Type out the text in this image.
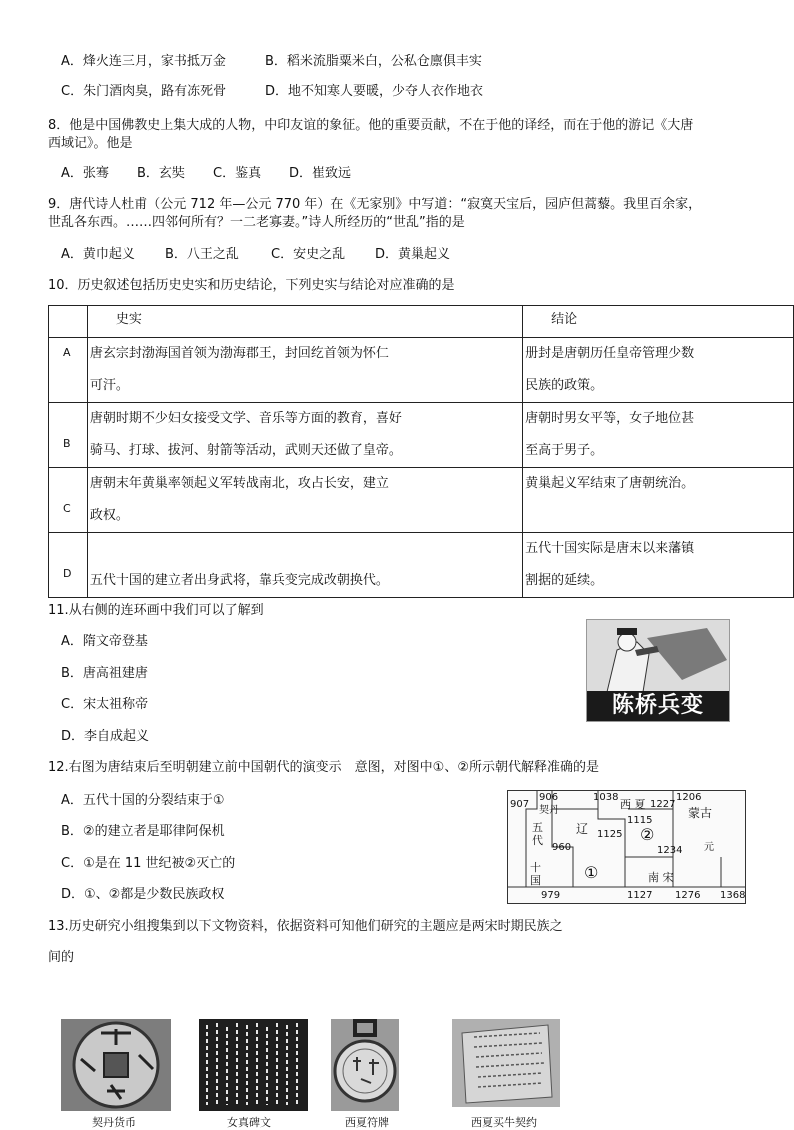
A．烽火连三月，家书抵万金	B．稻米流脂粟米白，公私仓廪俱丰实
C．朱门酒肉臭，路有冻死骨	D．地不知寒人要暖，少夺人衣作地衣
8．他是中国佛教史上集大成的人物，中印友谊的象征。他的重要贡献，不在于他的译经，而在于他的游记《大唐
西域记》。他是
A．张骞 B．玄奘 C．鉴真 D．崔致远
9．唐代诗人杜甫（公元 712 年—公元 770 年）在《无家别》中写道：“寂寞天宝后，园庐但蒿藜。我里百余家，
世乱各东西。……四邻何所有？一二老寡妻。”诗人所经历的“世乱”指的是
A．黄巾起义 B．八王之乱 C．安史之乱 D．黄巢起义
10．历史叙述包括历史史实和历史结论，下列史实与结论对应准确的是
	史实	结论
A	唐玄宗封渤海国首领为渤海郡王，封回纥首领为怀仁
可汗。	册封是唐朝历任皇帝管理少数
民族的政策。

B	唐朝时期不少妇女接受文学、音乐等方面的教育，喜好
骑马、打球、拔河、射箭等活动，武则天还做了皇帝。	唐朝时男女平等，女子地位甚
至高于男子。

C	唐朝末年黄巢率领起义军转战南北，攻占长安，建立
政权。	黄巢起义军结束了唐朝统治。

D	五代十国的建立者出身武将，靠兵变完成改朝换代。	五代十国实际是唐末以来藩镇
割据的延续。
11.从右侧的连环画中我们可以了解到
A．隋文帝登基
B．唐高祖建唐
C．宋太祖称帝
D．李自成起义
陈桥兵变
12.右图为唐结束后至明朝建立前中国朝代的演变示　意图，对图中①、②所示朝代解释准确的是
A．五代十国的分裂结束于①
B．②的建立者是耶律阿保机
C．①是在 11 世纪被②灭亡的
D．①、②都是少数民族政权
907
906
契丹
1038
西 夏 1227
1206
蒙古
辽
1115
1125 ②
五代
960	1234 元
十国	①	南 宋
979	1127 1276 1368
13.历史研究小组搜集到以下文物资料，依据资料可知他们研究的主题应是两宋时期民族之
间的
契丹货币	女真碑文	西夏符牌	西夏买牛契约
